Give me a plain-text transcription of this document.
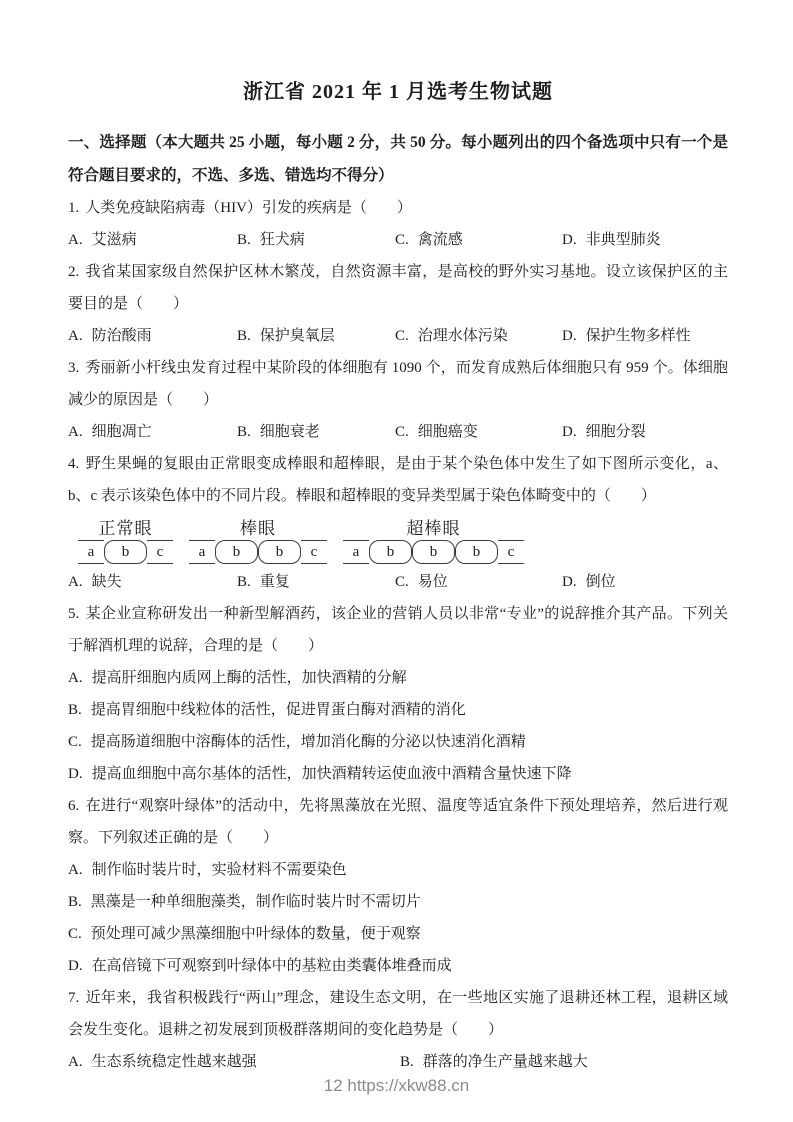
浙江省 2021 年 1 月选考生物试题
一、选择题（本大题共 25 小题，每小题 2 分，共 50 分。每小题列出的四个备选项中只有一个是符合题目要求的，不选、多选、错选均不得分）

1. 人类免疫缺陷病毒（HIV）引发的疾病是（　　）

A. 艾滋病	B. 狂犬病	C. 禽流感	D. 非典型肺炎

2. 我省某国家级自然保护区林木繁茂，自然资源丰富，是高校的野外实习基地。设立该保护区的主要目的是（　　）

A. 防治酸雨	B. 保护臭氧层	C. 治理水体污染	D. 保护生物多样性

3. 秀丽新小杆线虫发育过程中某阶段的体细胞有 1090 个，而发育成熟后体细胞只有 959 个。体细胞减少的原因是（　　）

A. 细胞凋亡	B. 细胞衰老	C. 细胞癌变	D. 细胞分裂

4. 野生果蝇的复眼由正常眼变成棒眼和超棒眼，是由于某个染色体中发生了如下图所示变化，a、b、c 表示该染色体中的不同片段。棒眼和超棒眼的变异类型属于染色体畸变中的（　　）

正常眼
a	b	c
棒眼
a	b	b	c
超棒眼
a	b	b	b	c
A. 缺失	B. 重复	C. 易位	D. 倒位

5. 某企业宣称研发出一种新型解酒药，该企业的营销人员以非常“专业”的说辞推介其产品。下列关于解酒机理的说辞，合理的是（　　）

A. 提高肝细胞内质网上酶的活性，加快酒精的分解
B. 提高胃细胞中线粒体的活性，促进胃蛋白酶对酒精的消化
C. 提高肠道细胞中溶酶体的活性，增加消化酶的分泌以快速消化酒精
D. 提高血细胞中高尔基体的活性，加快酒精转运使血液中酒精含量快速下降

6. 在进行“观察叶绿体”的活动中，先将黑藻放在光照、温度等适宜条件下预处理培养，然后进行观察。下列叙述正确的是（　　）

A. 制作临时装片时，实验材料不需要染色
B. 黑藻是一种单细胞藻类，制作临时装片时不需切片
C. 预处理可减少黑藻细胞中叶绿体的数量，便于观察
D. 在高倍镜下可观察到叶绿体中的基粒由类囊体堆叠而成

7. 近年来，我省积极践行“两山”理念，建设生态文明，在一些地区实施了退耕还林工程，退耕区域会发生变化。退耕之初发展到顶极群落期间的变化趋势是（　　）

A. 生态系统稳定性越来越强	B. 群落的净生产量越来越大
12 https://xkw88.cn
